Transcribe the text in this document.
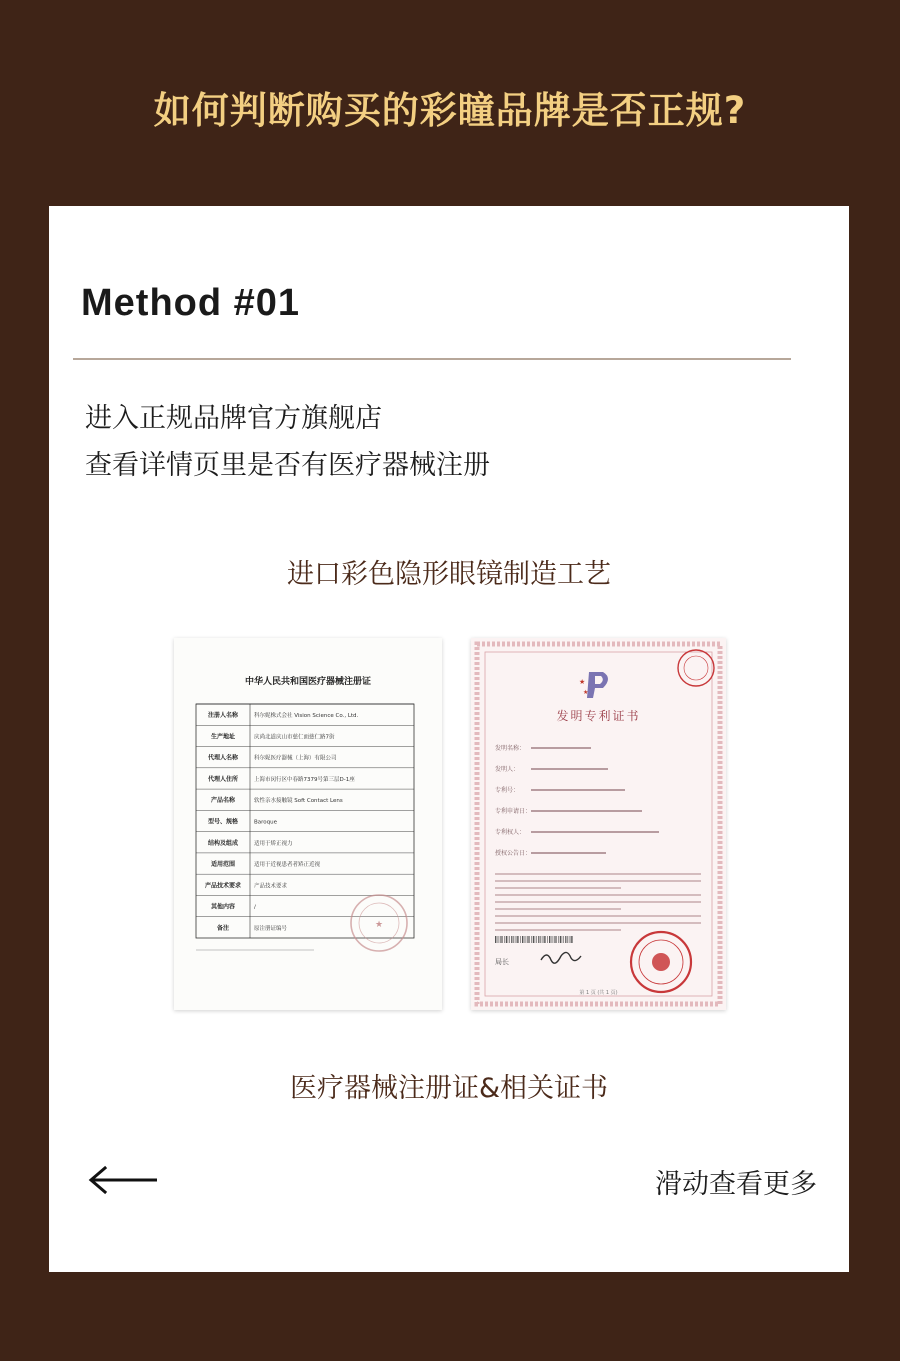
如何判断购买的彩瞳品牌是否正规?
Method #01
进入正规品牌官方旗舰店
查看详情页里是否有医疗器械注册
进口彩色隐形眼镜制造工艺
中华人民共和国医疗器械注册证
注册人名称	科尔妮株式会社 Vision Science Co., Ltd.
生产地址	庆尚北道庆山市慈仁面慈仁路7街
代理人名称	科尔妮医疗器械（上海）有限公司
代理人住所	上海市闵行区中春路7379号第三层D-1座
产品名称	软性亲水接触镜 Soft Contact Lens
型号、规格	Baroque
结构及组成	适用于矫正视力
适用范围	适用于近视患者者矫正近视
产品技术要求 产品技术要求
其他内容	/
备注	原注册证编号	★
★
★
发明专利证书
发明名称：
发明人：
专利号：
专利申请日：
专利权人：
授权公告日：
局长
第 1 页 (共 1 页)
医疗器械注册证&相关证书
滑动查看更多
